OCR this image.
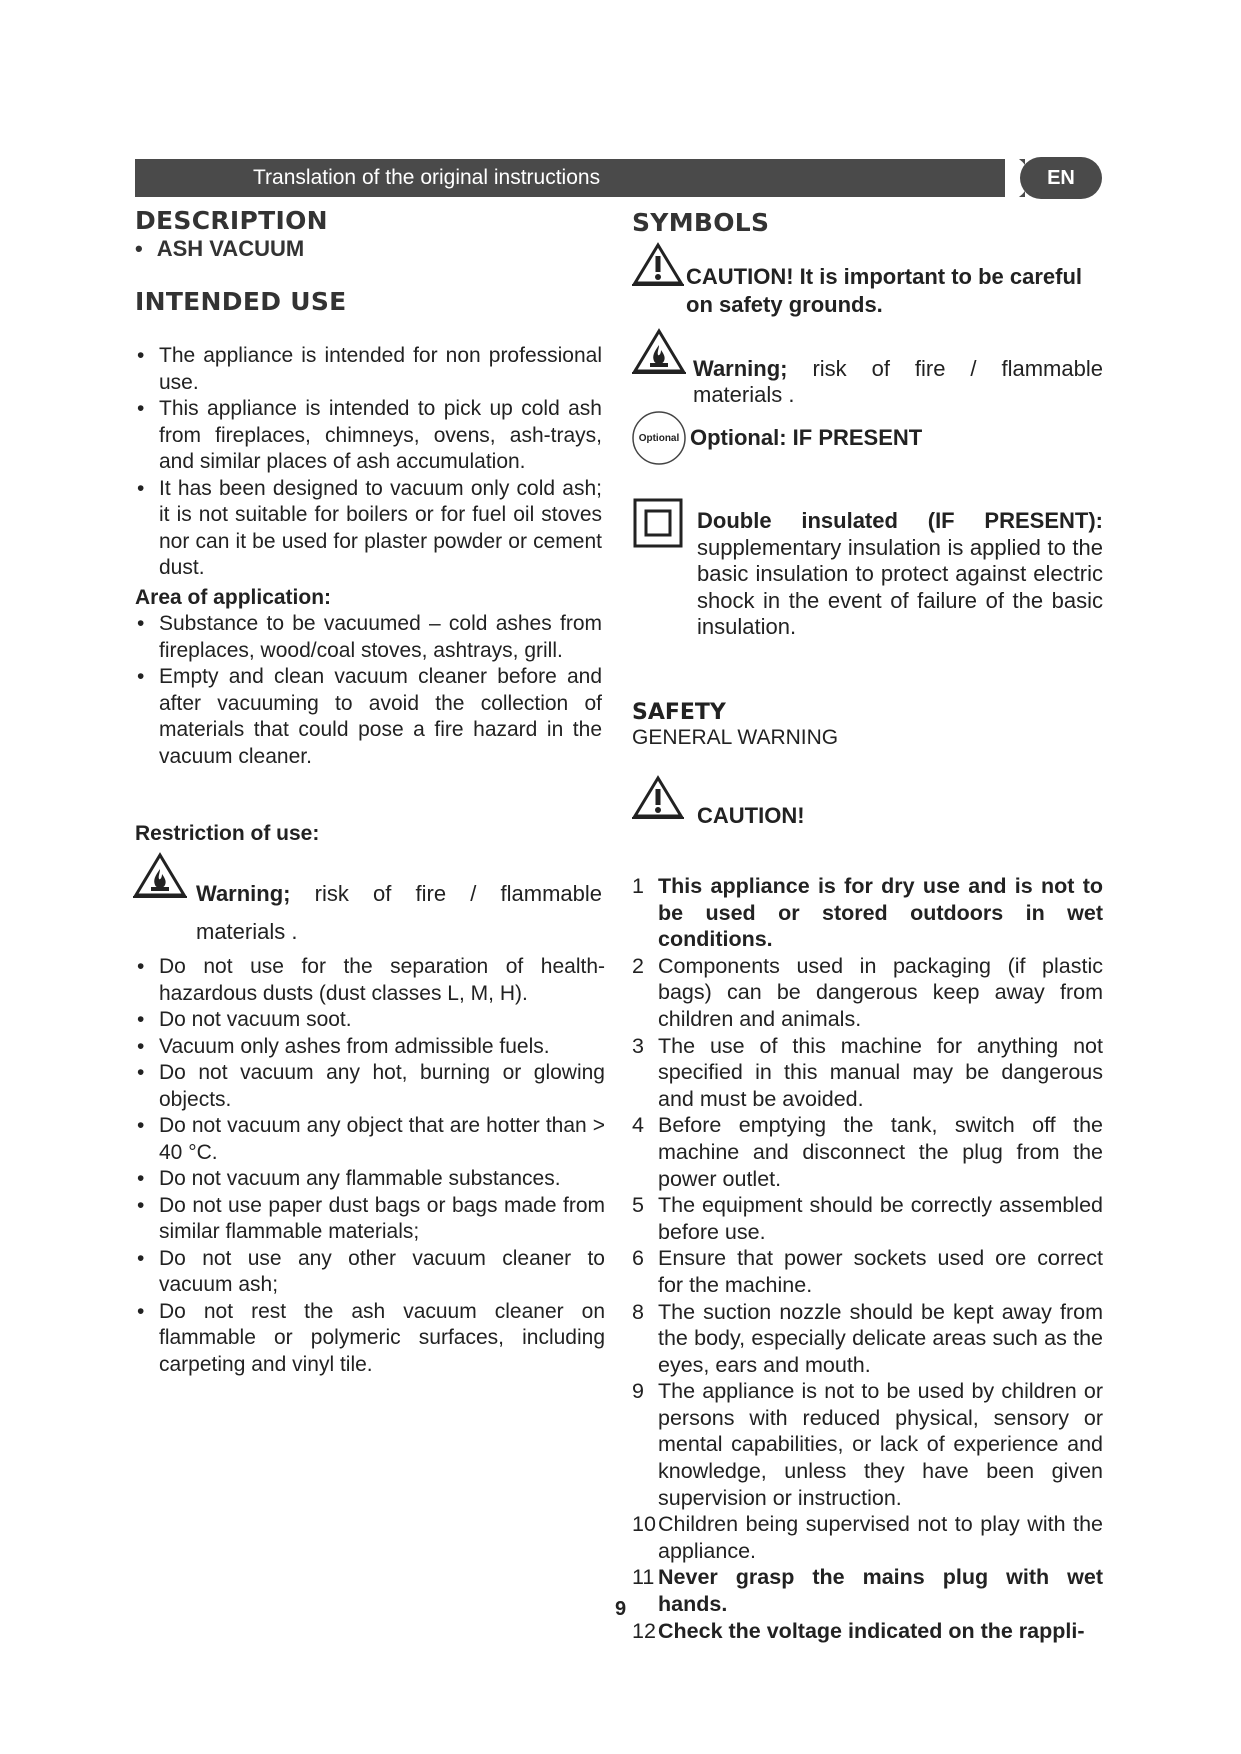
Translation of the original instructions	EN
DESCRIPTION
• ASH VACUUM
INTENDED USE
• The appliance is intended for non professional use.
• This appliance is intended to pick up cold ash from fireplaces, chimneys, ovens, ash-trays, and similar places of ash accumulation.
• It has been designed to vacuum only cold ash; it is not suitable for boilers or for fuel oil stoves nor can it be used for plaster powder or cement dust.
Area of application:
• Substance to be vacuumed – cold ashes from fireplaces, wood/coal stoves, ashtrays, grill.
• Empty and clean vacuum cleaner before and after vacuuming to avoid the collection of materials that could pose a fire hazard in the vacuum cleaner.
Restriction of use:
Warning; risk of fire / flammable materials .
• Do not use for the separation of health-hazardous dusts (dust classes L, M, H).
• Do not vacuum soot.
• Vacuum only ashes from admissible fuels.
• Do not vacuum any hot, burning or glowing objects.
• Do not vacuum any object that are hotter than > 40 °C.
• Do not vacuum any flammable substances.
• Do not use paper dust bags or bags made from similar flammable materials;
• Do not use any other vacuum cleaner to vacuum ash;
• Do not rest the ash vacuum cleaner on flammable or polymeric surfaces, including carpeting and vinyl tile.
SYMBOLS
CAUTION! It is important to be careful on safety grounds.
Warning; risk of fire / flammable materials .
Optional Optional: IF PRESENT
Double insulated (IF PRESENT): supplementary insulation is applied to the basic insulation to protect against electric shock in the event of failure of the basic insulation.
SAFETY
GENERAL WARNING
CAUTION!
1 This appliance is for dry use and is not to be used or stored outdoors in wet conditions.
2 Components used in packaging (if plastic bags) can be dangerous keep away from children and animals.
3 The use of this machine for anything not specified in this manual may be dangerous and must be avoided.
4 Before emptying the tank, switch off the machine and disconnect the plug from the power outlet.
5 The equipment should be correctly assembled before use.
6 Ensure that power sockets used ore correct for the machine.
8 The suction nozzle should be kept away from the body, especially delicate areas such as the eyes, ears and mouth.
9 The appliance is not to be used by children or persons with reduced physical, sensory or mental capabilities, or lack of experience and knowledge, unless they have been given supervision or instruction.
10 Children being supervised not to play with the appliance.
11 Never grasp the mains plug with wet hands.
12 Check the voltage indicated on the rappli-
9
